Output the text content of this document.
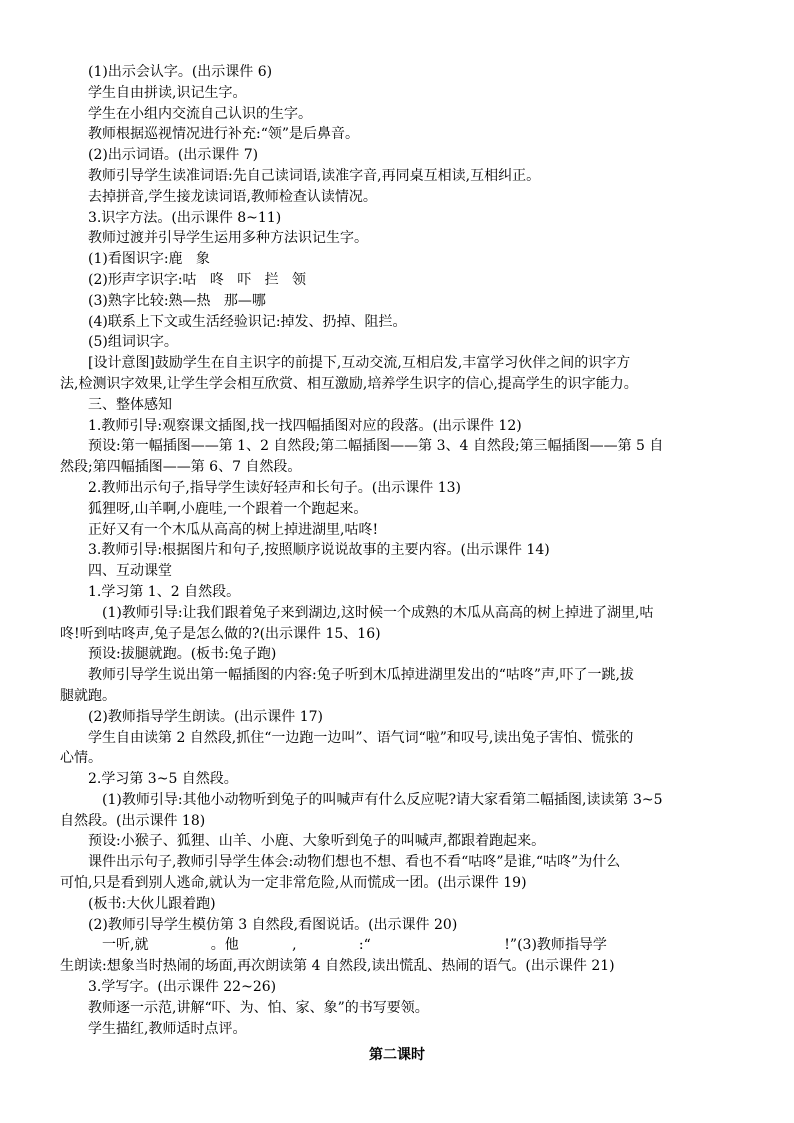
(1)出示会认字。(出示课件 6)
学生自由拼读,识记生字。
学生在小组内交流自己认识的生字。
教师根据巡视情况进行补充:“领”是后鼻音。
(2)出示词语。(出示课件 7)
教师引导学生读准词语:先自己读词语,读准字音,再同桌互相读,互相纠正。
去掉拼音,学生接龙读词语,教师检查认读情况。
3.识字方法。(出示课件 8~11)
教师过渡并引导学生运用多种方法识记生字。
(1)看图识字:鹿   象
(2)形声字识字:咕   咚   吓   拦   领
(3)熟字比较:熟—热   那—哪
(4)联系上下文或生活经验识记:掉发、扔掉、阻拦。
(5)组词识字。
[设计意图]鼓励学生在自主识字的前提下,互动交流,互相启发,丰富学习伙伴之间的识字方
法,检测识字效果,让学生学会相互欣赏、相互激励,培养学生识字的信心,提高学生的识字能力。
三、整体感知
1.教师引导:观察课文插图,找一找四幅插图对应的段落。(出示课件 12)
预设:第一幅插图——第 1、2 自然段;第二幅插图——第 3、4 自然段;第三幅插图——第 5 自
然段;第四幅插图——第 6、7 自然段。
2.教师出示句子,指导学生读好轻声和长句子。(出示课件 13)
狐狸呀,山羊啊,小鹿哇,一个跟着一个跑起来。
正好又有一个木瓜从高高的树上掉进湖里,咕咚!
3.教师引导:根据图片和句子,按照顺序说说故事的主要内容。(出示课件 14)
四、互动课堂
1.学习第 1、2 自然段。
(1)教师引导:让我们跟着兔子来到湖边,这时候一个成熟的木瓜从高高的树上掉进了湖里,咕
咚!听到咕咚声,兔子是怎么做的?(出示课件 15、16)
预设:拔腿就跑。(板书:兔子跑)
教师引导学生说出第一幅插图的内容:兔子听到木瓜掉进湖里发出的“咕咚”声,吓了一跳,拔
腿就跑。
(2)教师指导学生朗读。(出示课件 17)
学生自由读第 2 自然段,抓住“一边跑一边叫”、语气词“啦”和叹号,读出兔子害怕、慌张的
心情。
2.学习第 3~5 自然段。
(1)教师引导:其他小动物听到兔子的叫喊声有什么反应呢?请大家看第二幅插图,读读第 3~5
自然段。(出示课件 18)
预设:小猴子、狐狸、山羊、小鹿、大象听到兔子的叫喊声,都跟着跑起来。
课件出示句子,教师引导学生体会:动物们想也不想、看也不看“咕咚”是谁,“咕咚”为什么
可怕,只是看到别人逃命,就认为一定非常危险,从而慌成一团。(出示课件 19)
(板书:大伙儿跟着跑)
(2)教师引导学生模仿第 3 自然段,看图说话。(出示课件 20)
一听,就              。他            ,              :“                              !”(3)教师指导学
生朗读:想象当时热闹的场面,再次朗读第 4 自然段,读出慌乱、热闹的语气。(出示课件 21)
3.学写字。(出示课件 22~26)
教师逐一示范,讲解“吓、为、怕、家、象”的书写要领。
学生描红,教师适时点评。
第二课时
